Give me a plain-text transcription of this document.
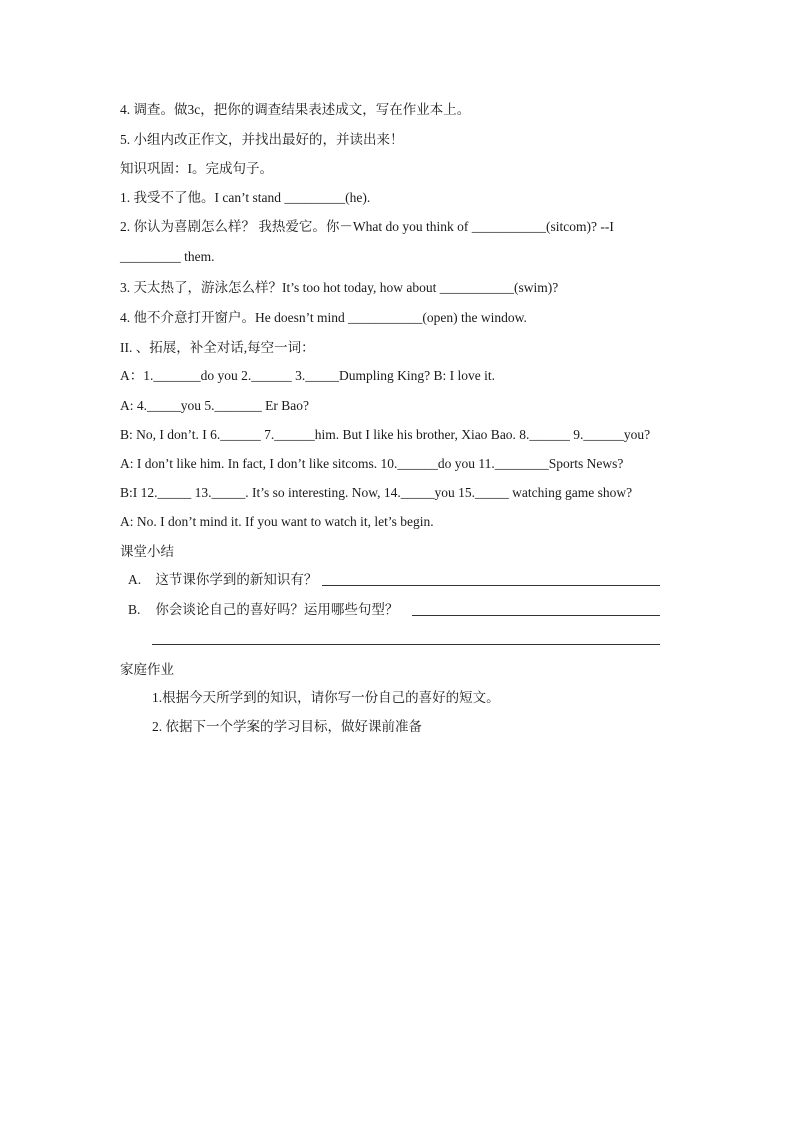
4. 调查。做3c，把你的调查结果表述成文，写在作业本上。
5. 小组内改正作文，并找出最好的，并读出来！
知识巩固：I。完成句子。
1. 我受不了他。I can’t stand _________(he).
2. 你认为喜剧怎么样？ 我热爱它。你－What do you think of ___________(sitcom)? --I
_________ them.
3. 天太热了，游泳怎么样？It’s too hot today, how about ___________(swim)?
4. 他不介意打开窗户。He doesn’t mind ___________(open) the window.
II. 、拓展，补全对话,每空一词：
A：1._______do you 2.______ 3._____Dumpling King? B: I love it.
A: 4._____you 5._______ Er Bao?
B: No, I don’t. I 6.______ 7.______him. But I like his brother, Xiao Bao. 8.______ 9.______you?
A: I don’t like him. In fact, I don’t like sitcoms. 10.______do you 11.________Sports News?
B:I 12._____ 13._____. It’s so interesting. Now, 14._____you 15._____ watching game show?
A: No. I don’t mind it. If you want to watch it, let’s begin.
课堂小结
A. 这节课你学到的新知识有？
B. 你会谈论自己的喜好吗？运用哪些句型？
家庭作业
1.根据今天所学到的知识，请你写一份自己的喜好的短文。
2. 依据下一个学案的学习目标，做好课前准备
